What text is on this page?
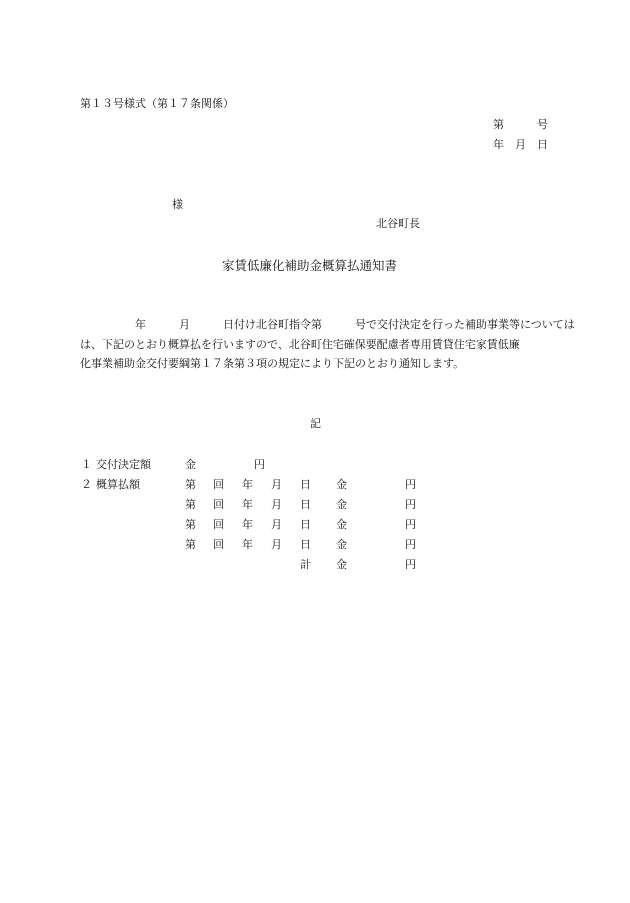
第１３号様式（第１７条関係）
第　　　号
年　月　日
様
北谷町長
家賃低廉化補助金概算払通知書
　　　　　年　　　月　　　日付け北谷町指令第　　　号で交付決定を行った補助事業等については
は、下記のとおり概算払を行いますので、北谷町住宅確保要配慮者専用賃貸住宅家賃低廉
化事業補助金交付要綱第１７条第３項の規定により下記のとおり通知します。
記
１ 交付決定額	金	円
２ 概算払額	第 回 年 月 日 金	円
第 回 年 月 日 金	円
第 回 年 月 日 金	円
第 回 年 月 日 金	円
計 金	円
